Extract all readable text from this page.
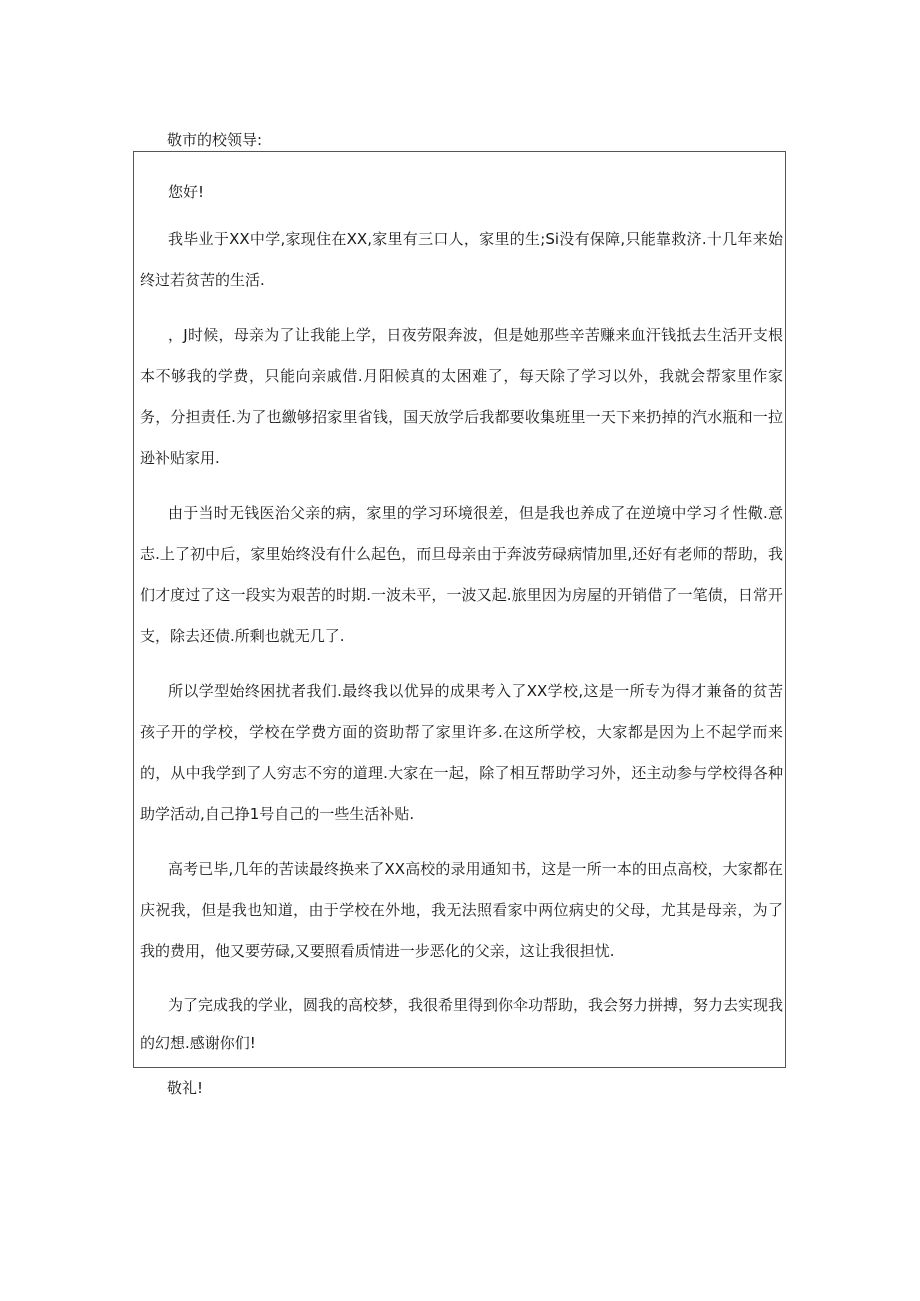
敬市的校领导:

您好!

我毕业于XX中学,家现住在XX,家里有三口人，家里的生;Si没有保障,只能靠救济.十几年来始终过若贫苦的生活.

，J时候，母亲为了让我能上学，日夜劳限奔波，但是她那些辛苦赚来血汗钱抵去生活开支根本不够我的学费，只能向亲戚借.月阳候真的太困难了，每天除了学习以外，我就会帮家里作家务，分担责任.为了也繳够招家里省钱，国天放学后我都要收集班里一天下来扔掉的汽水瓶和一拉逊补贴家用.

由于当时无钱医治父亲的病，家里的学习环境很差，但是我也养成了在逆境中学习彳性儆.意志.上了初中后，家里始终没有什么起色，而旦母亲由于奔波劳碌病情加里,还好有老师的帮助，我们才度过了这一段实为艰苦的时期.一波未平，一波又起.旅里因为房屋的开销借了一笔债，日常开支，除去还债.所剩也就无几了.

所以学型始终困扰者我们.最终我以优异的成果考入了XX学校,这是一所专为得才兼备的贫苦孩子开的学校，学校在学费方面的资助帮了家里许多.在这所学校，大家都是因为上不起学而来的，从中我学到了人穷志不穷的道理.大家在一起，除了相互帮助学习外，还主动参与学校得各种助学活动,自己挣1号自己的一些生活补贴.

高考已毕,几年的苦读最终换来了XX高校的录用通知书，这是一所一本的田点高校，大家都在庆祝我，但是我也知道，由于学校在外地，我无法照看家中两位病史的父母，尤其是母亲，为了我的费用，他又要劳碌,又要照看质情进一步恶化的父亲，这让我很担忧.

为了完成我的学业，圆我的高校梦，我很希里得到你伞功帮助，我会努力拼搏，努力去实现我的幻想.感谢你们!

敬礼!
